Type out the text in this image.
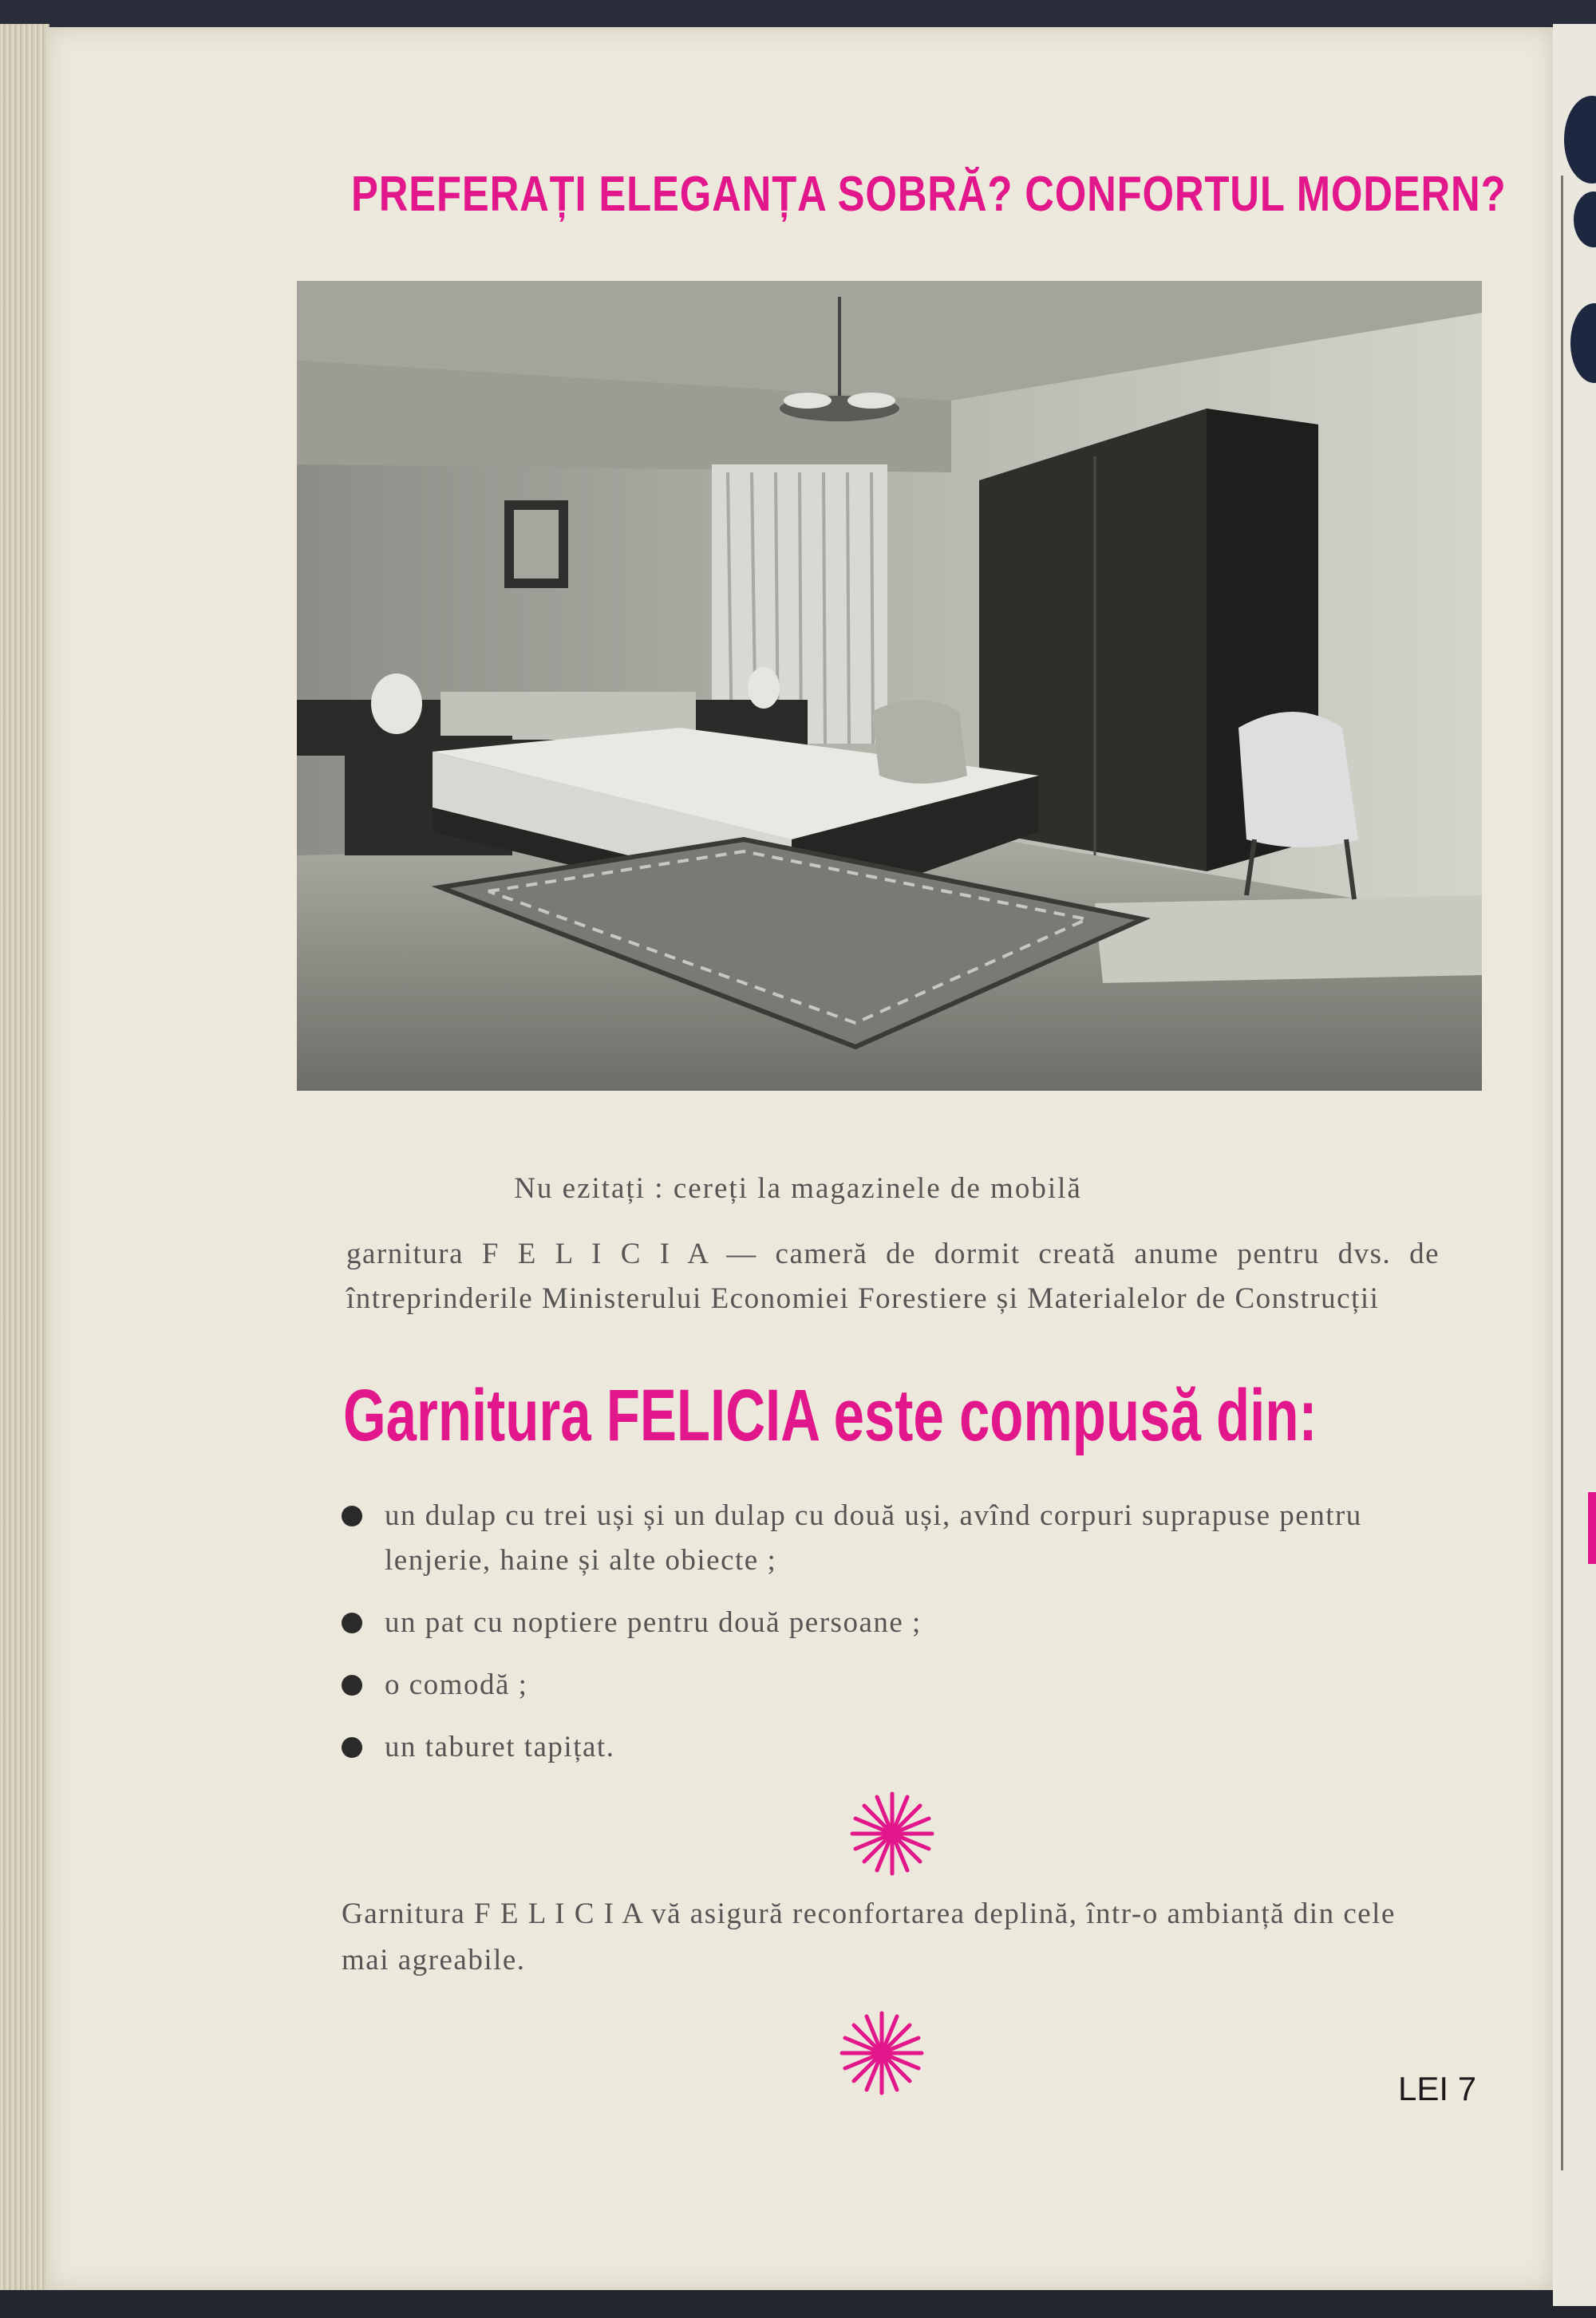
PREFERAȚI ELEGANȚA SOBRĂ? CONFORTUL MODERN?
Nu ezitați : cereți la magazinele de mobilă
garnitura F E L I C I A — cameră de dormit creată anume pentru dvs. de întreprinderile Ministerului Economiei Forestiere și Materialelor de Construcții
Garnitura FELICIA este compusă din:
un dulap cu trei uși și un dulap cu două uși, avînd corpuri suprapuse pentru lenjerie, haine și alte obiecte ;
un pat cu noptiere pentru două persoane ;
o comodă ;
un taburet tapițat.
Garnitura F E L I C I A vă asigură reconfortarea deplină, într-o ambianță din cele mai agreabile.
LEI 7
